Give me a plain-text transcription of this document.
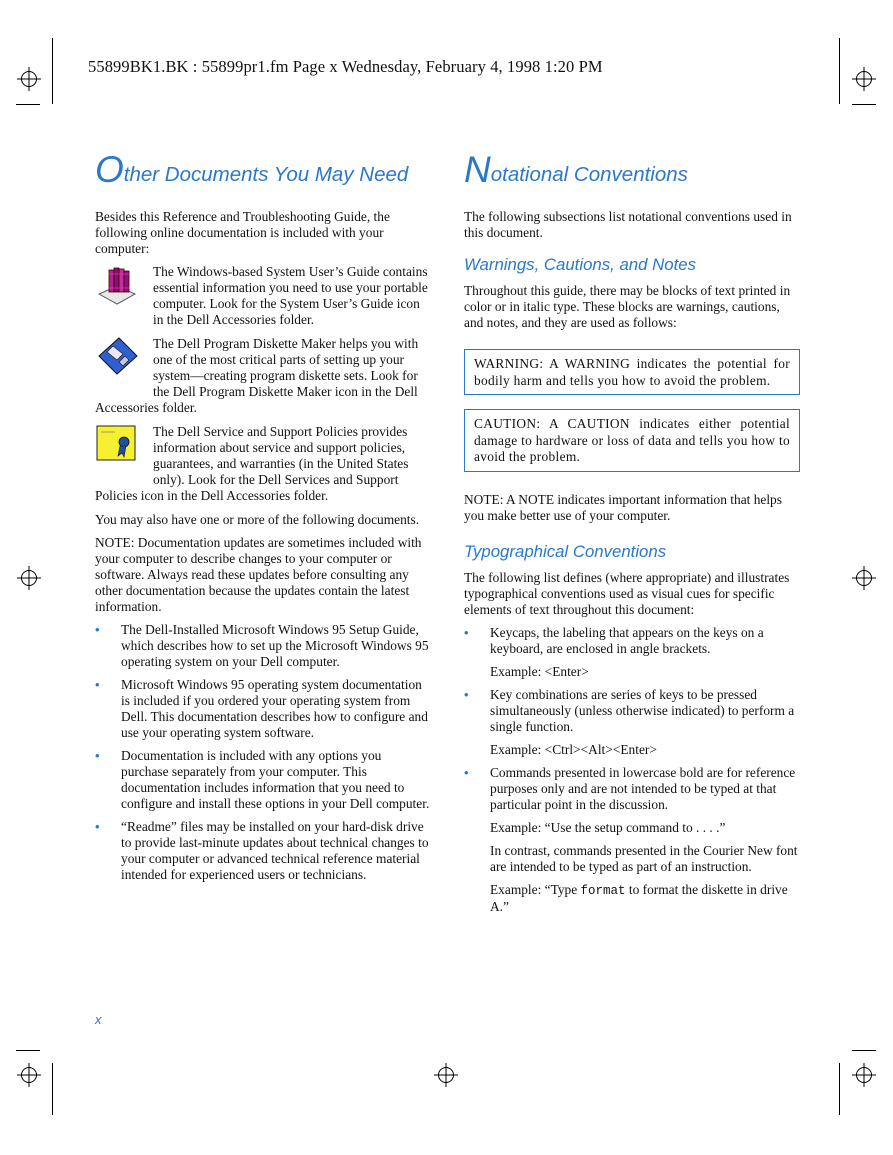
55899BK1.BK : 55899pr1.fm Page x Wednesday, February 4, 1998 1:20 PM
Other Documents You May Need

Besides this Reference and Troubleshooting Guide, the following online documentation is included with your computer:

The Windows-based System User’s Guide contains essential information you need to use your portable computer. Look for the System User’s Guide icon in the Dell Accessories folder.
The Dell Program Diskette Maker helps you with one of the most critical parts of setting up your system—creating program diskette sets. Look for the Dell Program Diskette Maker icon in the Dell Accessories folder.
The Dell Service and Support Policies provides information about service and support policies, guarantees, and warranties (in the United States only). Look for the Dell Services and Support Policies icon in the Dell Accessories folder.

You may also have one or more of the following documents.

NOTE: Documentation updates are sometimes included with your computer to describe changes to your computer or software. Always read these updates before consulting any other documentation because the updates contain the latest information.

• The Dell-Installed Microsoft Windows 95 Setup Guide, which describes how to set up the Microsoft Windows 95 operating system on your Dell computer.
• Microsoft Windows 95 operating system documentation is included if you ordered your operating system from Dell. This documentation describes how to configure and use your operating system software.
• Documentation is included with any options you purchase separately from your computer. This documentation includes information that you need to configure and install these options in your Dell computer.
• “Readme” files may be installed on your hard-disk drive to provide last-minute updates about technical changes to your computer or advanced technical reference material intended for experienced users or technicians.
Notational Conventions

The following subsections list notational conventions used in this document.

Warnings, Cautions, and Notes

Throughout this guide, there may be blocks of text printed in color or in italic type. These blocks are warnings, cautions, and notes, and they are used as follows:

WARNING: A WARNING indicates the potential for bodily harm and tells you how to avoid the problem.
CAUTION: A CAUTION indicates either potential damage to hardware or loss of data and tells you how to avoid the problem.

NOTE: A NOTE indicates important information that helps you make better use of your computer.

Typographical Conventions

The following list defines (where appropriate) and illustrates typographical conventions used as visual cues for specific elements of text throughout this document:

• Keycaps, the labeling that appears on the keys on a keyboard, are enclosed in angle brackets.

Example: <Enter>

• Key combinations are series of keys to be pressed simultaneously (unless otherwise indicated) to perform a single function.

Example: <Ctrl><Alt><Enter>

• Commands presented in lowercase bold are for reference purposes only and are not intended to be typed at that particular point in the discussion.

Example: “Use the setup command to . . . .”

In contrast, commands presented in the Courier New font are intended to be typed as part of an instruction.

Example: “Type format to format the diskette in drive A.”

x
